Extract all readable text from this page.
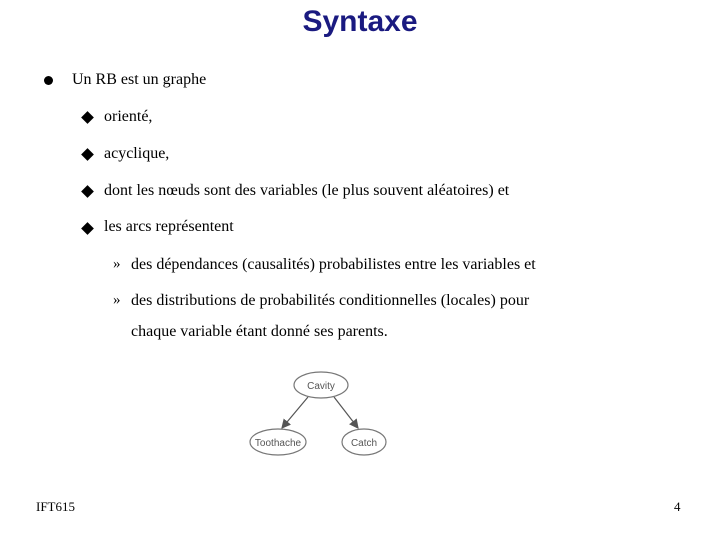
Syntaxe
Un RB est un graphe
orienté,
acyclique,
dont les nœuds sont des variables (le plus souvent aléatoires) et
les arcs représentent
» des dépendances (causalités) probabilistes entre les variables et
» des distributions de probabilités conditionnelles (locales) pour
chaque variable étant donné ses parents.
Cavity
Toothache	Catch
IFT615	4
